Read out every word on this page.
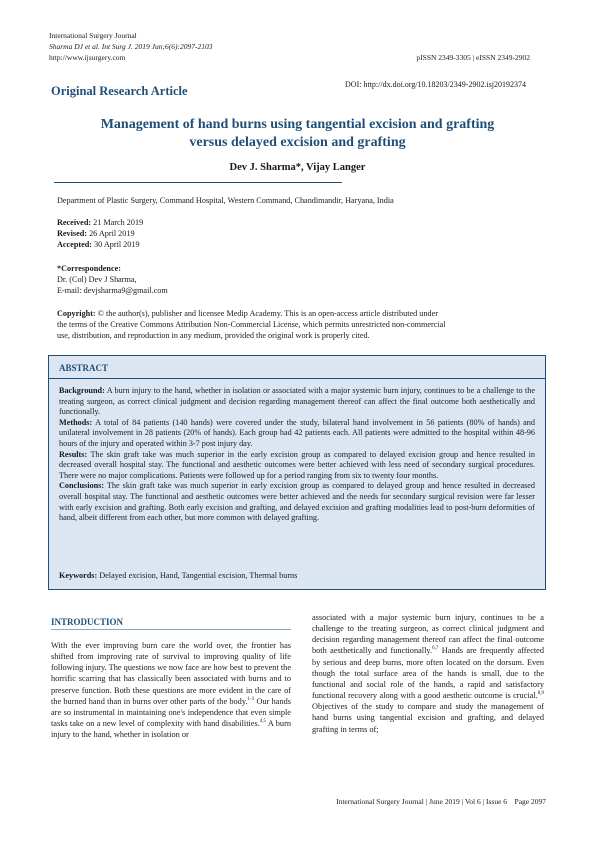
International Surgery Journal
Sharma DJ et al. Int Surg J. 2019 Jun;6(6):2097-2103
http://www.ijsurgery.com	pISSN 2349-3305 | eISSN 2349-2902
Original Research Article	DOI: http://dx.doi.org/10.18203/2349-2902.isj20192374
Management of hand burns using tangential excision and grafting
versus delayed excision and grafting
Dev J. Sharma*, Vijay Langer
Department of Plastic Surgery, Command Hospital, Western Command, Chandimandir, Haryana, India
Received: 21 March 2019
Revised: 26 April 2019
Accepted: 30 April 2019
*Correspondence:
Dr. (Col) Dev J Sharma,
E-mail: devjsharma9@gmail.com
Copyright: © the author(s), publisher and licensee Medip Academy. This is an open-access article distributed under
the terms of the Creative Commons Attribution Non-Commercial License, which permits unrestricted non-commercial
use, distribution, and reproduction in any medium, provided the original work is properly cited.
ABSTRACT

Background: A burn injury to the hand, whether in isolation or associated with a major systemic burn injury, continues to be a challenge to the treating surgeon, as correct clinical judgment and decision regarding management thereof can affect the final outcome both aesthetically and functionally.

Methods: A total of 84 patients (140 hands) were covered under the study, bilateral hand involvement in 56 patients (80% of hands) and unilateral involvement in 28 patients (20% of hands). Each group had 42 patients each. All patients were admitted to the hospital within 48-96 hours of the injury and operated within 3-7 post injury day.

Results: The skin graft take was much superior in the early excision group as compared to delayed excision group and hence resulted in decreased overall hospital stay. The functional and aesthetic outcomes were better achieved with less need of secondary surgical procedures. There were no major complications. Patients were followed up for a period ranging from six to twenty four months.

Conclusions: The skin graft take was much superior in early excision group as compared to delayed group and hence resulted in decreased overall hospital stay. The functional and aesthetic outcomes were better achieved and the needs for secondary surgical revision were far lesser with early excision and grafting. Both early excision and grafting, and delayed excision and grafting modalities lead to post-burn deformities of hand, albeit different from each other, but more common with delayed grafting.

Keywords: Delayed excision, Hand, Tangential excision, Thermal burns
INTRODUCTION

With the ever improving burn care the world over, the frontier has shifted from improving rate of survival to improving quality of life following injury. The questions we now face are how best to prevent the horrific scarring that has classically been associated with burns and to preserve function. Both these questions are more evident in the care of the burned hand than in burns over other parts of the body.$^{1-3}$ Our hands are so instrumental in maintaining one's independence that even simple tasks take on a new level of complexity with hand disabilities.$^{4,5}$ A burn injury to the hand, whether in isolation or

associated with a major systemic burn injury, continues to be a challenge to the treating surgeon, as correct clinical judgment and decision regarding management thereof can affect the final outcome both aesthetically and functionally.$^{6,7}$ Hands are frequently affected by serious and deep burns, more often located on the dorsum. Even though the total surface area of the hands is small, due to the functional and social role of the hands, a rapid and satisfactory functional recovery along with a good aesthetic outcome is crucial.$^{8,9}$ Objectives of the study to compare and study the management of hand burns using tangential excision and grafting, and delayed grafting in terms of;

International Surgery Journal | June 2019 | Vol 6 | Issue 6    Page 2097
